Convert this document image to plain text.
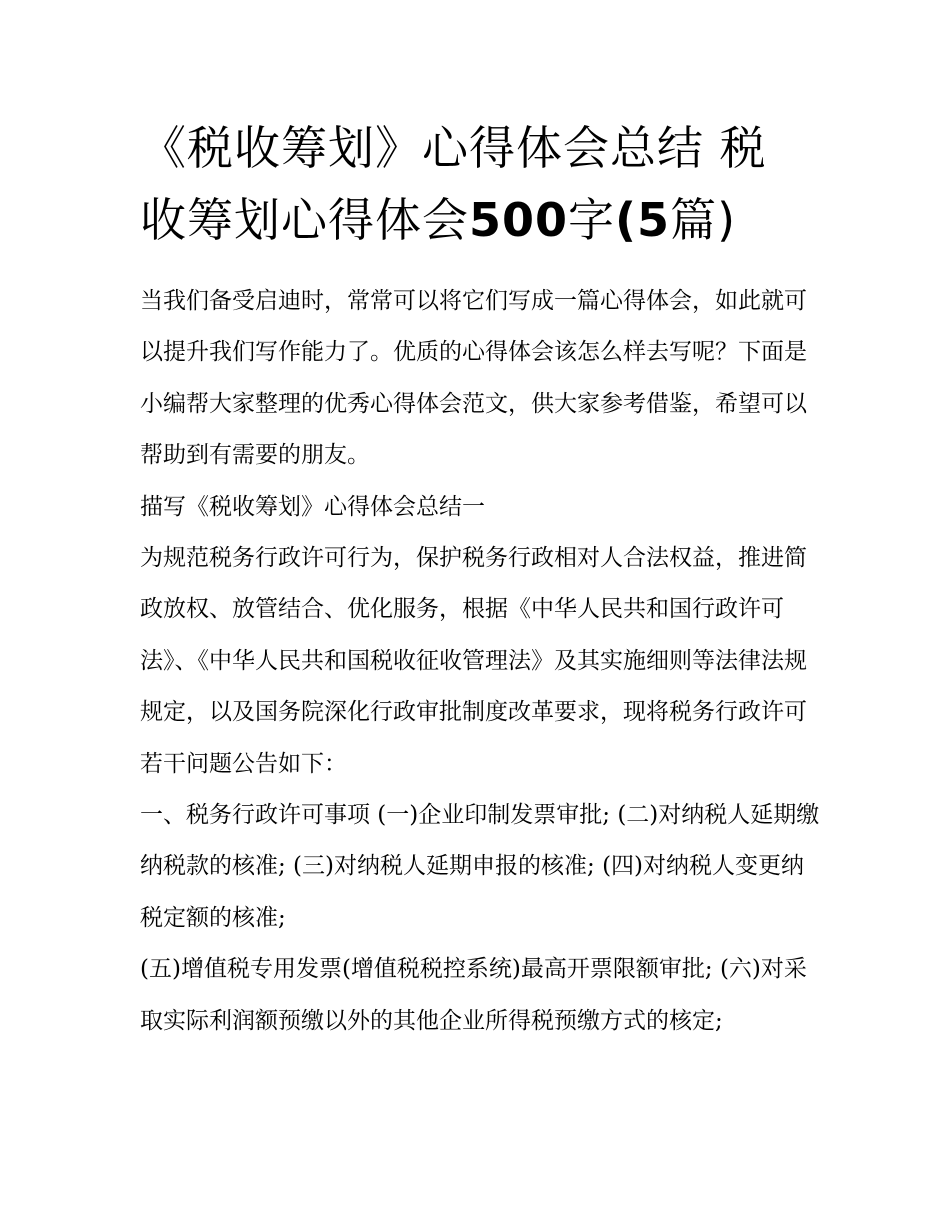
《税收筹划》心得体会总结 税
收筹划心得体会500字(5篇)

当我们备受启迪时，常常可以将它们写成一篇心得体会，如此就可以提升我们写作能力了。优质的心得体会该怎么样去写呢？下面是小编帮大家整理的优秀心得体会范文，供大家参考借鉴，希望可以帮助到有需要的朋友。

描写《税收筹划》心得体会总结一

为规范税务行政许可行为，保护税务行政相对人合法权益，推进简政放权、放管结合、优化服务，根据《中华人民共和国行政许可法》、《中华人民共和国税收征收管理法》及其实施细则等法律法规规定，以及国务院深化行政审批制度改革要求，现将税务行政许可若干问题公告如下：

一、税务行政许可事项 (一)企业印制发票审批; (二)对纳税人延期缴纳税款的核准; (三)对纳税人延期申报的核准; (四)对纳税人变更纳税定额的核准;

(五)增值税专用发票(增值税税控系统)最高开票限额审批; (六)对采取实际利润额预缴以外的其他企业所得税预缴方式的核定;
